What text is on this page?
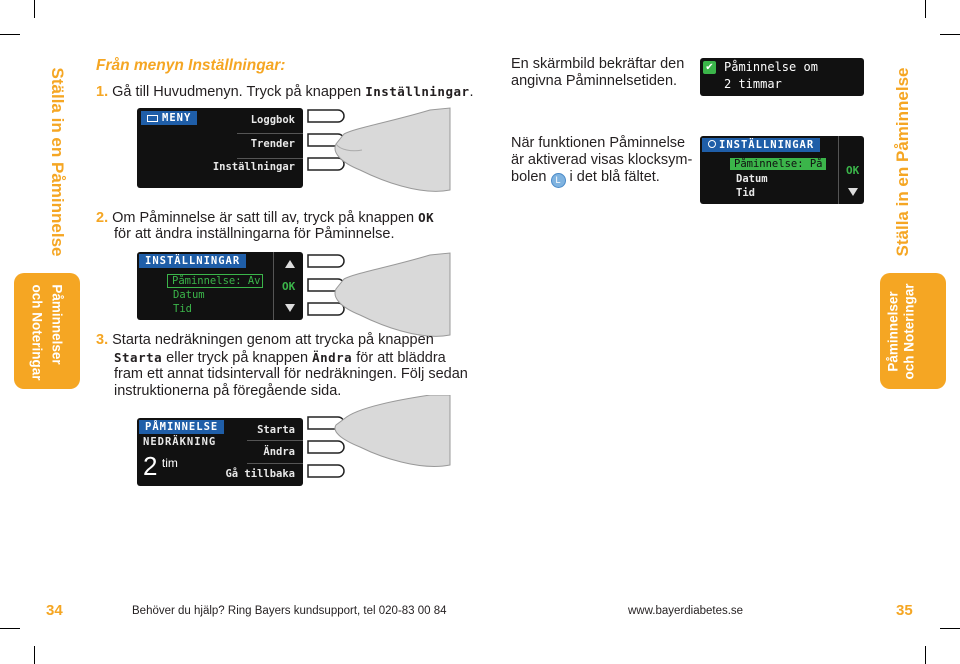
Ställa in en Påminnelse
Påminnelser
och Noteringar
Ställa in en Påminnelse
Påminnelser och Noteringar
Från menyn Inställningar:
1. Gå till Huvudmenyn. Tryck på knappen Inställningar.
MENY	Loggbok
Trender
Inställningar
2. Om Påminnelse är satt till av, tryck på knappen OK
för att ändra inställningarna för Påminnelse.
INSTÄLLNINGAR
Påminnelse: Av
Datum
Tid
OK
3. Starta nedräkningen genom att trycka på knappen
Starta eller tryck på knappen Ändra för att bläddra
fram ett annat tidsintervall för nedräkningen. Följ sedan
instruktionerna på föregående sida.
PÅMINNELSE
NEDRÄKNING
2 $^{tim}$
Starta
Ändra
Gå tillbaka
En skärmbild bekräftar den
angivna Påminnelsetiden.
När funktionen Påminnelse
är aktiverad visas klocksym-
bolen L i det blå fältet.
✔ Påminnelse om
2 timmar
INSTÄLLNINGAR
Påminnelse: På
Datum
Tid
OK
34	Behöver du hjälp? Ring Bayers kundsupport, tel 020-83 00 84	www.bayerdiabetes.se	35
